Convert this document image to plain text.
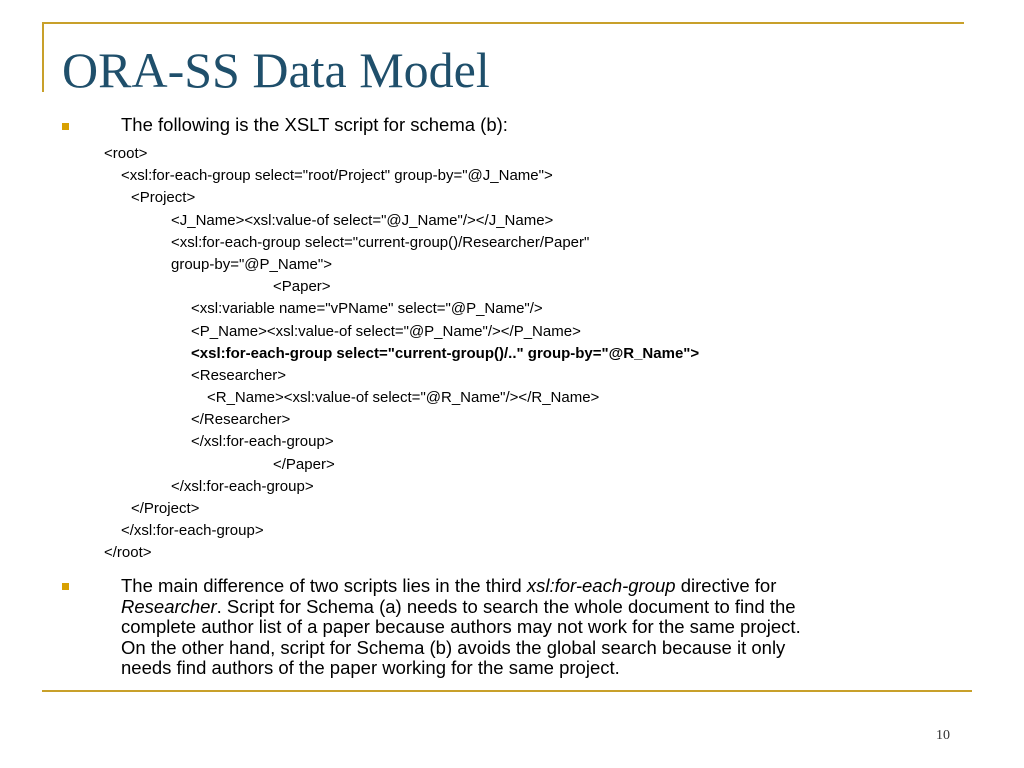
ORA-SS Data Model
The following is the XSLT script for schema (b):
<root>
<xsl:for-each-group select="root/Project" group-by="@J_Name">
<Project>
<J_Name><xsl:value-of select="@J_Name"/></J_Name>
<xsl:for-each-group select="current-group()/Researcher/Paper"
group-by="@P_Name">
<Paper>
<xsl:variable name="vPName" select="@P_Name"/>
<P_Name><xsl:value-of select="@P_Name"/></P_Name>
<xsl:for-each-group select="current-group()/.." group-by="@R_Name">
<Researcher>
<R_Name><xsl:value-of select="@R_Name"/></R_Name>
</Researcher>
</xsl:for-each-group>
</Paper>
</xsl:for-each-group>
</Project>
</xsl:for-each-group>
</root>
The main difference of two scripts lies in the third xsl:for-each-group directive for
Researcher. Script for Schema (a) needs to search the whole document to find the
complete author list of a paper because authors may not work for the same project.
On the other hand, script for Schema (b) avoids the global search because it only
needs find authors of the paper working for the same project.
10
